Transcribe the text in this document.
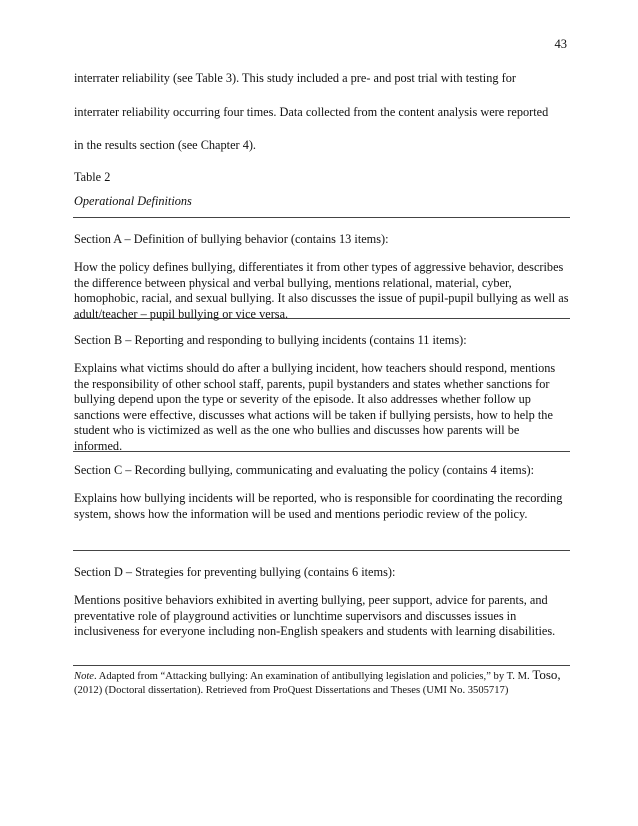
43
interrater reliability (see Table 3). This study included a pre- and post trial with testing for
interrater reliability occurring four times. Data collected from the content analysis were reported
in the results section (see Chapter 4).
Table 2
Operational Definitions
Section A – Definition of bullying behavior (contains 13 items):
How the policy defines bullying, differentiates it from other types of aggressive behavior, describes the difference between physical and verbal bullying, mentions relational, material, cyber, homophobic, racial, and sexual bullying. It also discusses the issue of pupil-pupil bullying as well as adult/teacher – pupil bullying or vice versa.
Section B – Reporting and responding to bullying incidents (contains 11 items):
Explains what victims should do after a bullying incident, how teachers should respond, mentions the responsibility of other school staff, parents, pupil bystanders and states whether sanctions for bullying depend upon the type or severity of the episode. It also addresses whether follow up sanctions were effective, discusses what actions will be taken if bullying persists, how to help the student who is victimized as well as the one who bullies and discusses how parents will be informed.
Section C – Recording bullying, communicating and evaluating the policy (contains 4 items):
Explains how bullying incidents will be reported, who is responsible for coordinating the recording system, shows how the information will be used and mentions periodic review of the policy.
Section D – Strategies for preventing bullying (contains 6 items):
Mentions positive behaviors exhibited in averting bullying, peer support, advice for parents, and preventative role of playground activities or lunchtime supervisors and discusses issues in inclusiveness for everyone including non-English speakers and students with learning disabilities.
Note. Adapted from “Attacking bullying: An examination of antibullying legislation and policies,” by T. M. Toso, (2012) (Doctoral dissertation). Retrieved from ProQuest Dissertations and Theses (UMI No. 3505717)
